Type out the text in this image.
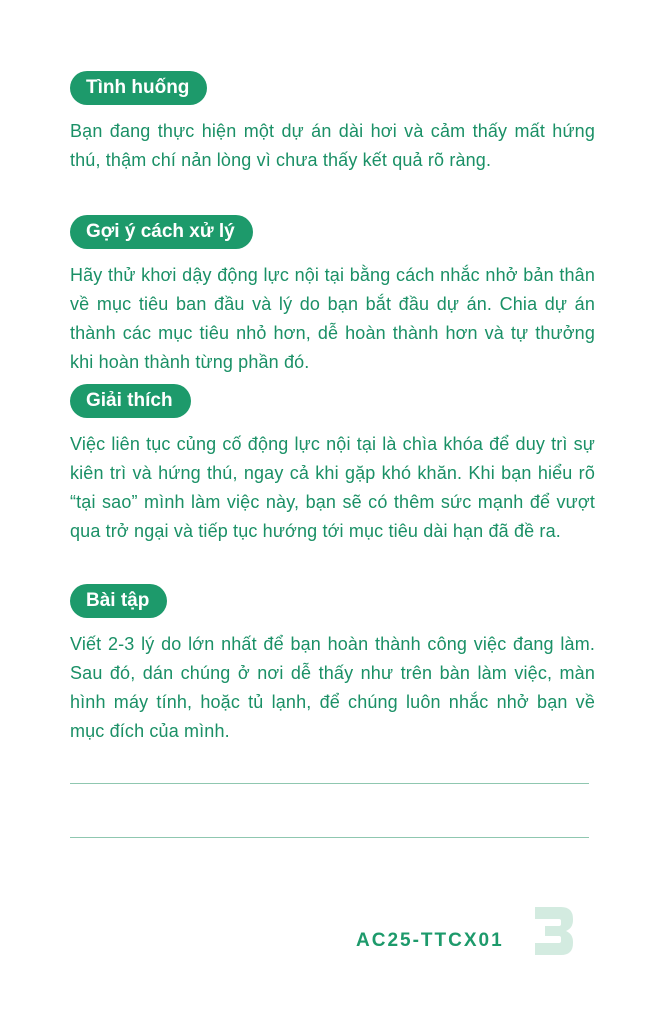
Tình huống
Bạn đang thực hiện một dự án dài hơi và cảm thấy mất hứng thú, thậm chí nản lòng vì chưa thấy kết quả rõ ràng.
Gợi ý cách xử lý
Hãy thử khơi dậy động lực nội tại bằng cách nhắc nhở bản thân về mục tiêu ban đầu và lý do bạn bắt đầu dự án. Chia dự án thành các mục tiêu nhỏ hơn, dễ hoàn thành hơn và tự thưởng khi hoàn thành từng phần đó.
Giải thích
Việc liên tục củng cố động lực nội tại là chìa khóa để duy trì sự kiên trì và hứng thú, ngay cả khi gặp khó khăn. Khi bạn hiểu rõ “tại sao” mình làm việc này, bạn sẽ có thêm sức mạnh để vượt qua trở ngại và tiếp tục hướng tới mục tiêu dài hạn đã đề ra.
Bài tập
Viết 2-3 lý do lớn nhất để bạn hoàn thành công việc đang làm. Sau đó, dán chúng ở nơi dễ thấy như trên bàn làm việc, màn hình máy tính, hoặc tủ lạnh, để chúng luôn nhắc nhở bạn về mục đích của mình.
AC25-TTCX01
